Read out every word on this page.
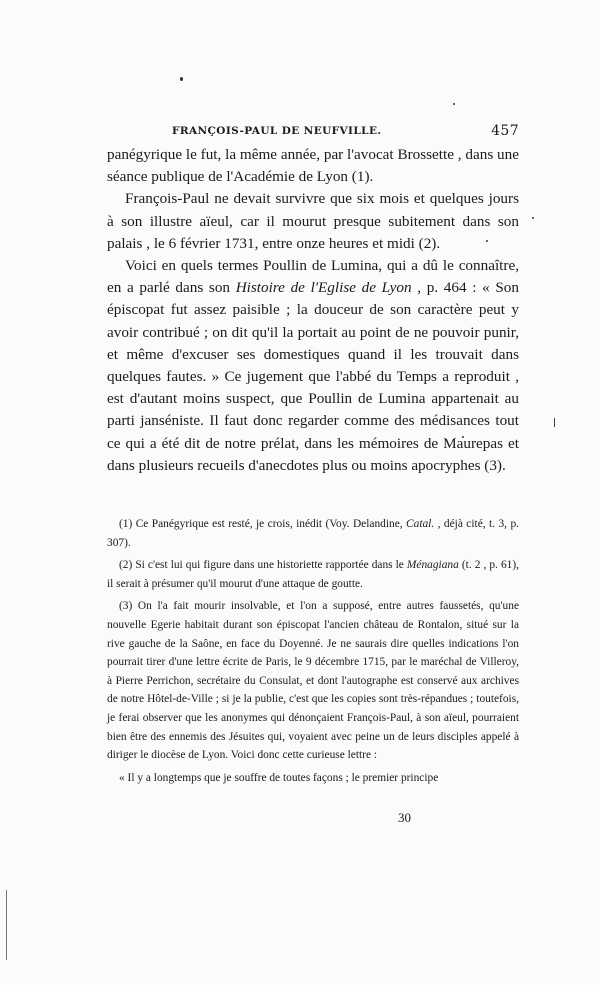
FRANÇOIS-PAUL DE NEUFVILLE.	457

panégyrique le fut, la même année, par l'avocat Brossette , dans une séance publique de l'Académie de Lyon (1).

François-Paul ne devait survivre que six mois et quelques jours à son illustre aïeul, car il mourut presque subitement dans son palais , le 6 février 1731, entre onze heures et midi (2).

Voici en quels termes Poullin de Lumina, qui a dû le connaître, en a parlé dans son Histoire de l'Eglise de Lyon , p. 464 : « Son épiscopat fut assez paisible ; la douceur de son caractère peut y avoir contribué ; on dit qu'il la portait au point de ne pouvoir punir, et même d'excuser ses domestiques quand il les trouvait dans quelques fautes. » Ce jugement que l'abbé du Temps a reproduit , est d'autant moins suspect, que Poullin de Lumina appartenait au parti janséniste. Il faut donc regarder comme des médisances tout ce qui a été dit de notre prélat, dans les mémoires de Maurepas et dans plusieurs recueils d'anecdotes plus ou moins apocryphes (3).

(1) Ce Panégyrique est resté, je crois, inédit (Voy. Delandine, Catal. , déjà cité, t. 3, p. 307).

(2) Si c'est lui qui figure dans une historiette rapportée dans le Ménagiana (t. 2 , p. 61), il serait à présumer qu'il mourut d'une attaque de goutte.

(3) On l'a fait mourir insolvable, et l'on a supposé, entre autres faussetés, qu'une nouvelle Egerie habitait durant son épiscopat l'ancien château de Rontalon, situé sur la rive gauche de la Saône, en face du Doyenné. Je ne saurais dire quelles indications l'on pourrait tirer d'une lettre écrite de Paris, le 9 décembre 1715, par le maréchal de Villeroy, à Pierre Perrichon, secrétaire du Consulat, et dont l'autographe est conservé aux archives de notre Hôtel-de-Ville ; si je la publie, c'est que les copies sont très-répandues ; toutefois, je ferai observer que les anonymes qui dénonçaient François-Paul, à son aïeul, pourraient bien être des ennemis des Jésuites qui, voyaient avec peine un de leurs disciples appelé à diriger le diocèse de Lyon. Voici donc cette curieuse lettre :

« Il y a longtemps que je souffre de toutes façons ; le premier principe

30
